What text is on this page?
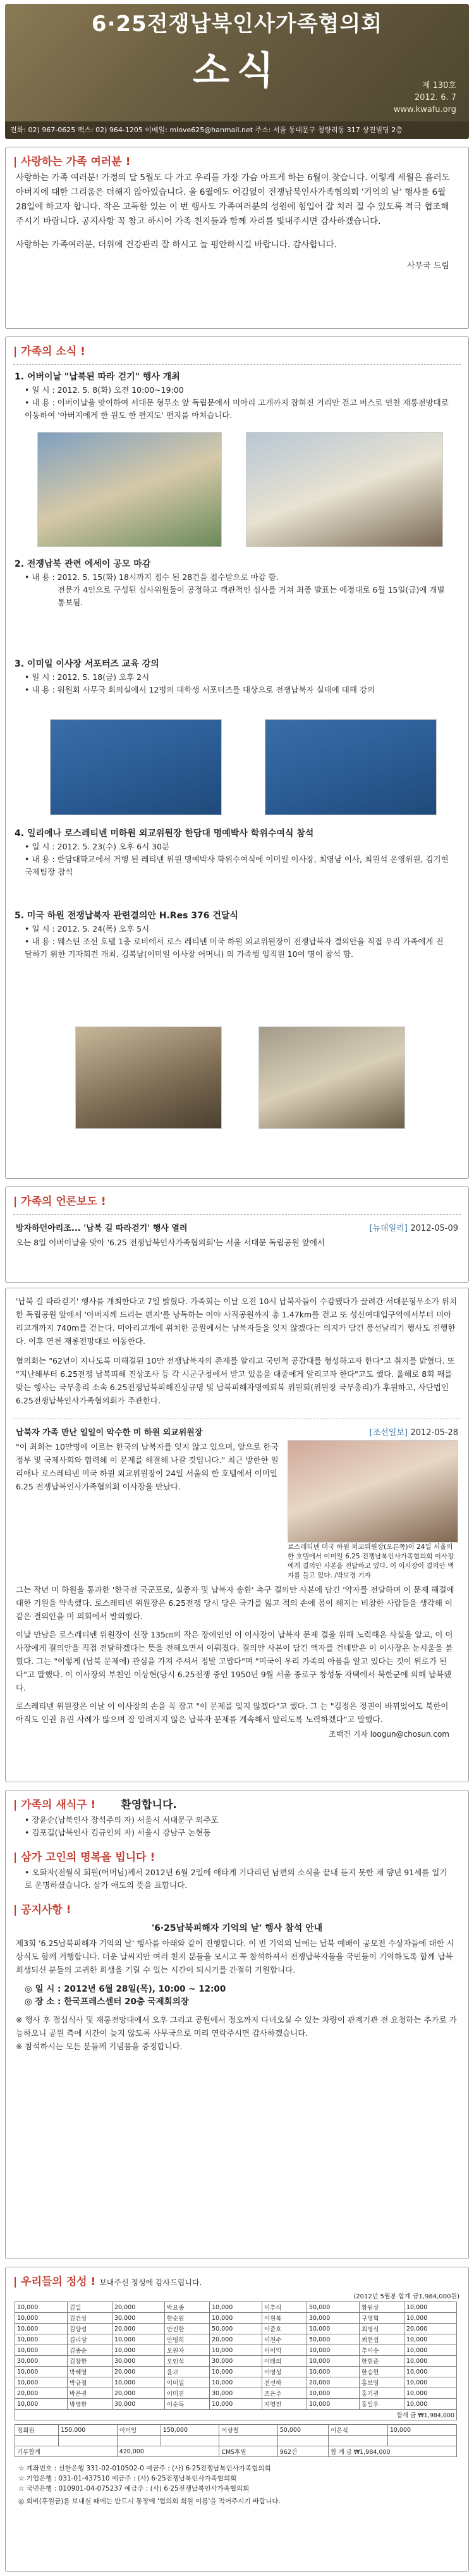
6·25전쟁납북인사가족협의회
소식	제 130호
2012. 6. 7
www.kwafu.org
전화: 02) 967-0625 팩스: 02) 964-1205 이메일: mlove625@hanmail.net 주소: 서울 동대문구 청량리동 317 상진빌딩 2층
| 사랑하는 가족 여러분 !
사랑하는 가족 여러분! 가정의 달 5월도 다 가고 우리를 가장 가슴 아프게 하는 6월이 찾습니다. 이렇게 세월은 흘러도 아버지에 대한 그리움은 더해지 않아있습니다. 올 6월에도 어김없이 전쟁납북인사가족협의회 '기억의 날' 행사를 6월 28일에 하고자 합니다. 작은 고독함 있는 이 번 행사도 가족여러분의 성원에 힘입어 잘 치러 질 수 있도록 적극 협조해 주시기 바랍니다. 공지사항 꼭 참고 하시어 가족 친지들과 함께 자리를 빛내주시면 감사하겠습니다.
사랑하는 가족여러분, 더위에 건강관리 잘 하시고 늘 평안하시길 바랍니다. 감사합니다.
사무국 드림
| 가족의 소식 !
1. 어버이날 "납북된 따라 걷기" 행사 개최
• 일 시 : 2012. 5. 8(화) 오전 10:00~19:00
• 내 용 : 어버이날을 맞이하여 서대문 형무소 앞 독립문에서 미아리 고개까지 잠혀진 거리만 걷고 버스로 연천 재롱전망대로 이동하여 '아버지에게 한 원도 한 편지도' 편지를 마쳐습니다.
2. 전쟁납북 관련 에세이 공모 마감
• 내 용 : 2012. 5. 15(화) 18시까지 접수 된 28건을 접수받으로 마감 함.
전문가 4인으로 구성된 심사위원들이 공정하고 객관적인 심사를 거쳐 최종 발표는 예정대로 6월 15일(금)에 개별 통보됨.
3. 이미일 이사장 서포터즈 교육 강의
• 일 시 : 2012. 5. 18(금) 오후 2시
• 내 용 : 워원회 사무국 회의실에서 12명의 대학생 서포터즈를 대상으로 전쟁납북자 실태에 대해 강의
4. 일리에나 로스레티넨 미하원 외교위원장 한담대 명예박사 학위수여식 참석
• 일 시 : 2012. 5. 23(수) 오후 6시 30분
• 내 용 : 한담대학교에서 거행 된 레티넨 위원 명예박사 학위수여식에 이미일 이사장, 최영남 이사, 최원석 운영위원, 김기현 국제팀장 참석
5. 미국 하원 전쟁납북자 관련결의안 H.Res 376 건달식
• 일 시 : 2012. 5. 24(목) 오후 5시
• 내 용 : 웨스틴 조선 호텔 1층 로비에서 로스 레티넨 미국 하원 외교위원장이 전쟁납북자 결의안을 직접 우리 가족에게 전달하기 위한 기자회견 개최. 김복남(이미일 이사장 어머니) 의 가족행 임직원 10여 명이 참석 함.
| 가족의 언론보도 !
방자하던아리조... '납북 길 따라걷기' 행사 열려	[뉴데일리] 2012-05-09
오는 8일 어버이날을 맞아 '6.25 전쟁납북인사가족협의회'는 서울 서대문 독립공원 앞에서
'납북 길 따라걷기' 행사를 개최한다고 7일 밝혔다. 가족회는 이날 오전 10시 납북자들이 수감됐다가 끌려간 서대문형무소가 위치한 독립공원 앞에서 '아버지께 드리는 편지'를 낭독하는 이야 사직공원까지 총 1.47km를 걷고 또 성신여대입구역에서부터 미아리고개까지 740m를 걷는다. 미아리고개에 위치한 공원에서는 납북자들을 잊지 않겠다는 의지가 담긴 풍선날리기 행사도 진행한다. 이후 연천 재롱전망대로 이동한다.
협의회는 "62년이 지나도록 미해결된 10만 전쟁납북자의 존재를 알리고 국민적 공감대를 형성하고자 한다"고 취지를 밝혔다. 또 "지난해부터 6.25전쟁 납북피해 진상조사 등 각 시군구청에서 받고 있음을 대중에게 알리고자 한다"고도 했다. 올해로 8회 째를 맞는 행사는 국무총리 소속 6.25전쟁납북피해진상규명 및 납북피해자명예회복 위원회(위원장 국무총리)가 후원하고, 사단법인 6.25전쟁납북인사가족협의회가 주관한다.
납북자 가족 만난 일일이 악수한 미 하원 외교위원장	[조선일보] 2012-05-28
"이 최희는 10만명에 이르는 한국의 납북자를 잊지 않고 있으며, 앞으로 한국 정부 및 국제사회와 협력해 이 문제를 해결해 나갈 것입니다." 최근 방한한 일리애나 로스레티넨 미국 하원 외교위원장이 24일 서울의 한 호텔에서 이미일 6.25 전쟁납북인사가족협의회 이사장을 만났다.
로스레티넨 미국 하원 외교위원장(오른쪽)이 24일 서울의 한 호텔에서 이미일 6.25 전쟁납북인사가족협의회 이사장에게 결의안 사본을 전달하고 있다. 이 이사장이 결의안 액자를 들고 있다. /박보경 기자
그는 작년 미 하원을 통과한 '한국전 국군포로, 실종자 및 납북자 송환' 촉구 결의안 사본에 담긴 '약자를 전달하며 이 문제 해결에 대한 기원을 약속했다. 로스레티넨 위원장은 6.25전쟁 당시 당은 국가를 잃고 적의 손에 몸이 해지는 비참한 사람들을 생각해 이 같은 결의안을 미 의회에서 발의했다.
이날 만남은 로스레티넨 위원장이 신장 135㎝의 작은 장애인인 이 이사장이 납북자 문제 결을 위해 노력해온 사실을 알고, 이 이사장에게 결의안을 직접 전달하겠다는 뜻을 전해오면서 이뤄졌다. 결의안 사본이 담긴 액자를 건네받은 이 이사장은 눈시울을 붉혔다. 그는 "이렇게 (납북 문제에) 관심을 가져 주셔서 정말 고맙다"며 "미국이 우리 가족의 아픔을 알고 있다는 것이 위로가 된다"고 말했다. 이 이사장의 부친인 이상현(당시 6.25전쟁 중인 1950년 9월 서울 종로구 창성동 자택에서 북한군에 의해 납북됐다.
로스레티넨 위원장은 이날 이 이사장의 손을 꼭 잡고 "이 문제를 잊지 않겠다"고 했다. 그 는 "김정은 정권이 바뀌었어도 북한이 아직도 인권 유린 사례가 많으며 잘 알려지지 않은 납북자 문제를 계속해서 알리도록 노력하겠다"고 말했다.
조백건 기자 loogun@chosun.com
| 가족의 새식구 ! 환영합니다.
• 장윤순(납북인사 장석주의 자) 서울시 서대문구 외주포
• 김포길(납북인사 김규인의 자) 서울시 강남구 논현동
| 삼가 고인의 명복을 빕니다 !
• 오화자(전월식 회원(어머님)께서 2012년 6월 2일에 애타게 기다리던 남편의 소식을 끝내 듣지 못한 채 향년 91세를 일기로 운명하셨습니다. 삼가 애도의 뜻을 표합니다.
| 공지사항 !
'6·25납북피해자 기억의 날' 행사 참석 안내
제3회 '6.25납북피해자 기억의 날' 행사를 아래와 같이 진행합니다. 이 번 기억의 날에는 납북 예배이 공모전 수상자들에 대한 시상식도 함께 거행합니다. 더운 날씨지만 여러 친지 분들을 모시고 꼭 참석하셔서 전쟁납북자들을 국민들이 기억하도록 함께 납북 희생되신 분들의 고귀한 희생을 기릴 수 있는 시간이 되시기를 간절히 기원합니다.
◎ 일 시 : 2012년 6월 28일(목), 10:00 ~ 12:00
◎ 장 소 : 한국프레스센터 20층 국제회의장
※ 행사 후 점심식사 및 재롱전망대에서 오후 그리고 공원에서 정오까지 다녀오실 수 있는 차량이 관계기관 전 요청하는 추가로 가능하오니 공원 측에 시간이 늦지 않도록 사무국으로 미리 연락주시면 감사하겠습니다.
※ 참석하시는 모든 분들께 기념품을 증정합니다.
| 우리들의 정성 ! 보내주신 정성에 감사드립니다.
(2012년 5월분 합계 금1,984,000원)
10,000	김일	20,000	박요종	10,000	이추식	50,000	황원상	10,000
10,000	김건삼	30,000	한순원	10,000	이원복	30,000	구영혁	10,000
10,000	김양성	20,000	안진한	50,000	이준호	10,000	최명식	20,000
10,000	김리삼	10,000	안명희	20,000	이천수	50,000	최현섭	10,000
10,000	김종순	10,000	오원자	10,000	이이익	10,000	추이승	10,000
30,000	김창환	30,000	오인석	30,000	이태의	10,000	한현준	10,000
10,000	박혜영	20,000	윤교	10,000	이명성	10,000	한승현	10,000
10,000	박규철	10,000	이미일	10,000	전선하	20,000	홍보영	10,000
20,000	박은권	20,000	이미진	30,000	조은주	10,000	홍기권	10,000
10,000	박영환	30,000	이순득	10,000	지영진	10,000	홍일우	10,000
합계 금 ₩1,984,000								
정희원	150,000	이미일	150,000	이상철	50,000	이은식	10,000

기부합계		420,000		CMS후원	962건	합 계 금 ₩1,984,000	
☆ 계좌번호 : 신한은행 331-02-010502-0 예금주 : (사) 6·25전쟁납북인사가족협의회
☆ 기업은행 : 031-01-437510 예금주 : (사) 6·25전쟁납북인사가족협의회
☆ 국민은행 : 010901-04-075237 예금주 : (사) 6·25전쟁납북인사가족협의회
◎ 회비(후원금)를 보내실 때에는 반드시 통장에 '협의회 회원 이름'을 적어주시기 바랍니다.
